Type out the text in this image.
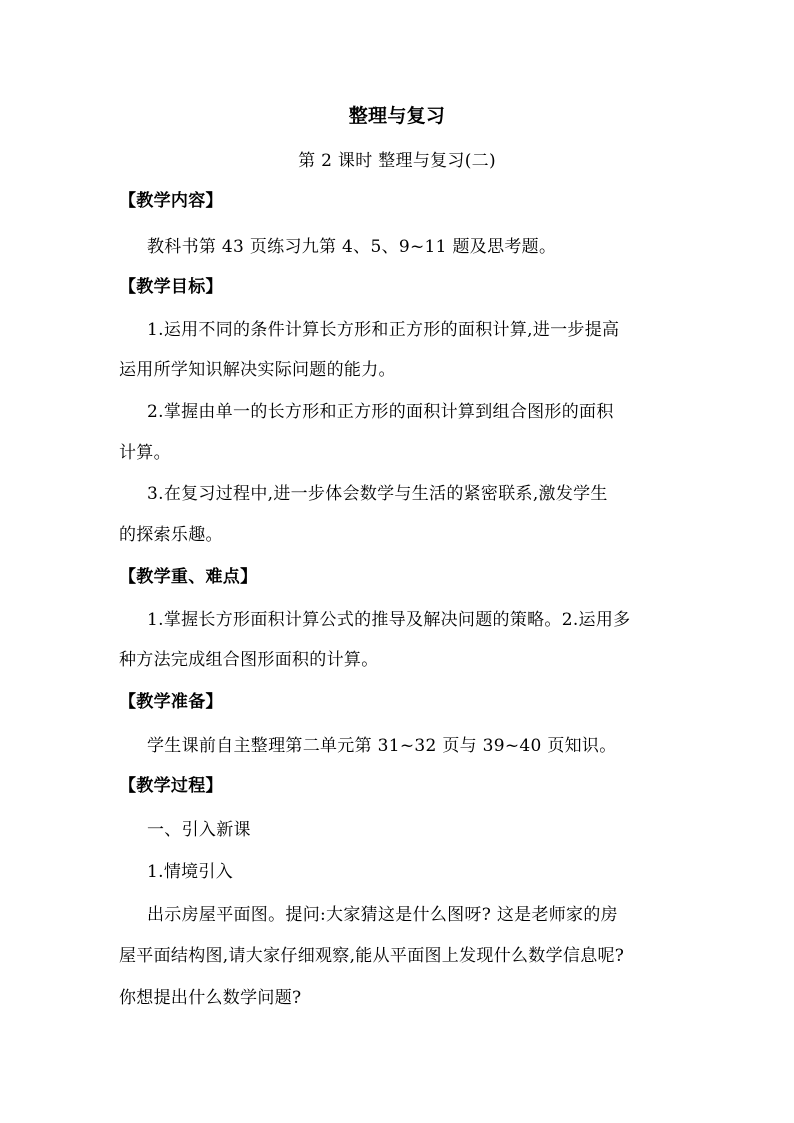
整理与复习

第 2 课时 整理与复习(二)

【教学内容】

教科书第 43 页练习九第 4、5、9~11 题及思考题。

【教学目标】

1.运用不同的条件计算长方形和正方形的面积计算,进一步提高

运用所学知识解决实际问题的能力。

2.掌握由单一的长方形和正方形的面积计算到组合图形的面积

计算。

3.在复习过程中,进一步体会数学与生活的紧密联系,激发学生

的探索乐趣。

【教学重、难点】

1.掌握长方形面积计算公式的推导及解决问题的策略。2.运用多

种方法完成组合图形面积的计算。

【教学准备】

学生课前自主整理第二单元第 31~32 页与 39~40 页知识。

【教学过程】

一、引入新课

1.情境引入

出示房屋平面图。提问:大家猜这是什么图呀? 这是老师家的房

屋平面结构图,请大家仔细观察,能从平面图上发现什么数学信息呢?

你想提出什么数学问题?
